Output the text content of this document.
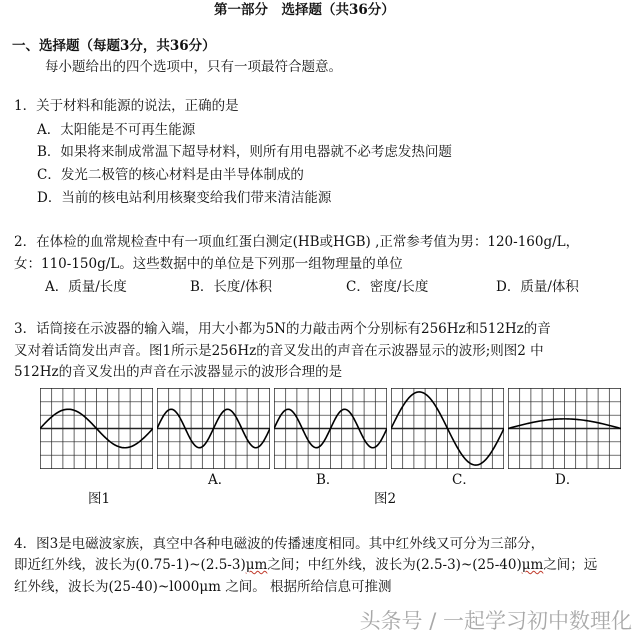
第一部分　选择题（共36分）
一、选择题（每题3分，共36分）
每小题给出的四个选项中，只有一项最符合题意。
1．关于材料和能源的说法，正确的是
A．太阳能是不可再生能源
B．如果将来制成常温下超导材料，则所有用电器就不必考虑发热问题
C．发光二极管的核心材料是由半导体制成的
D．当前的核电站利用核聚变给我们带来清洁能源
2．在体检的血常规检查中有一项血红蛋白测定(HB或HGB) ,正常参考值为男：120-160g/L，
女：110-150g/L。这些数据中的单位是下列那一组物理量的单位
A．质量/长度	B．长度/体积	C．密度/长度	D．质量/体积
3．话筒接在示波器的输入端，用大小都为5N的力敲击两个分别标有256Hz和512Hz的音
叉对着话筒发出声音。图1所示是256Hz的音叉发出的声音在示波器显示的波形;则图2 中
512Hz的音叉发出的声音在示波器显示的波形合理的是
A．	B．	C．	D．
图1	图2
4．图3是电磁波家族，真空中各种电磁波的传播速度相同。其中红外线又可分为三部分，
即近红外线，波长为(0.75-1)~(2.5-3)μm之间；中红外线，波长为(2.5-3)~(25-40)μm之间；远
红外线，波长为(25-40)~l000μm 之间。 根据所给信息可推测
头条号 / 一起学习初中数理化
